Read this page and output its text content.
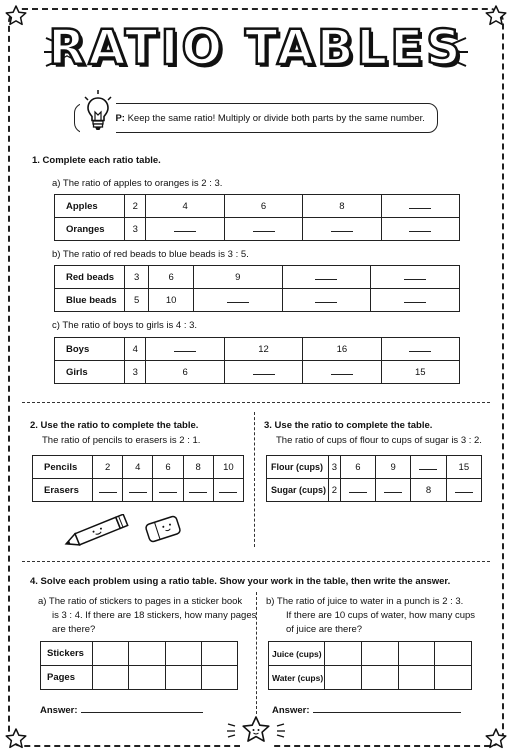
RATIO TABLES
TIP: Keep the same ratio! Multiply or divide both parts by the same number.
1. Complete each ratio table.
a) The ratio of apples to oranges is 2 : 3.
Apples	2	4	6	8	
Oranges	3				
b) The ratio of red beads to blue beads is 3 : 5.
Red beads	3	6	9		
Blue beads	5	10			
c) The ratio of boys to girls is 4 : 3.
Boys	4		12	16	
Girls	3	6			15
2. Use the ratio to complete the table.
The ratio of pencils to erasers is 2 : 1.
Pencils	2	4	6	8	10
Erasers					
3. Use the ratio to complete the table.
The ratio of cups of flour to cups of sugar is 3 : 2.
Flour (cups)	3	6	9		15
Sugar (cups)	2			8	
4. Solve each problem using a ratio table. Show your work in the table, then write the answer.
a) The ratio of stickers to pages in a sticker book
is 3 : 4. If there are 18 stickers, how many pages
are there?
Stickers				
Pages				
Answer:
b) The ratio of juice to water in a punch is 2 : 3.
If there are 10 cups of water, how many cups
of juice are there?
Juice (cups)				
Water (cups)				
Answer:
